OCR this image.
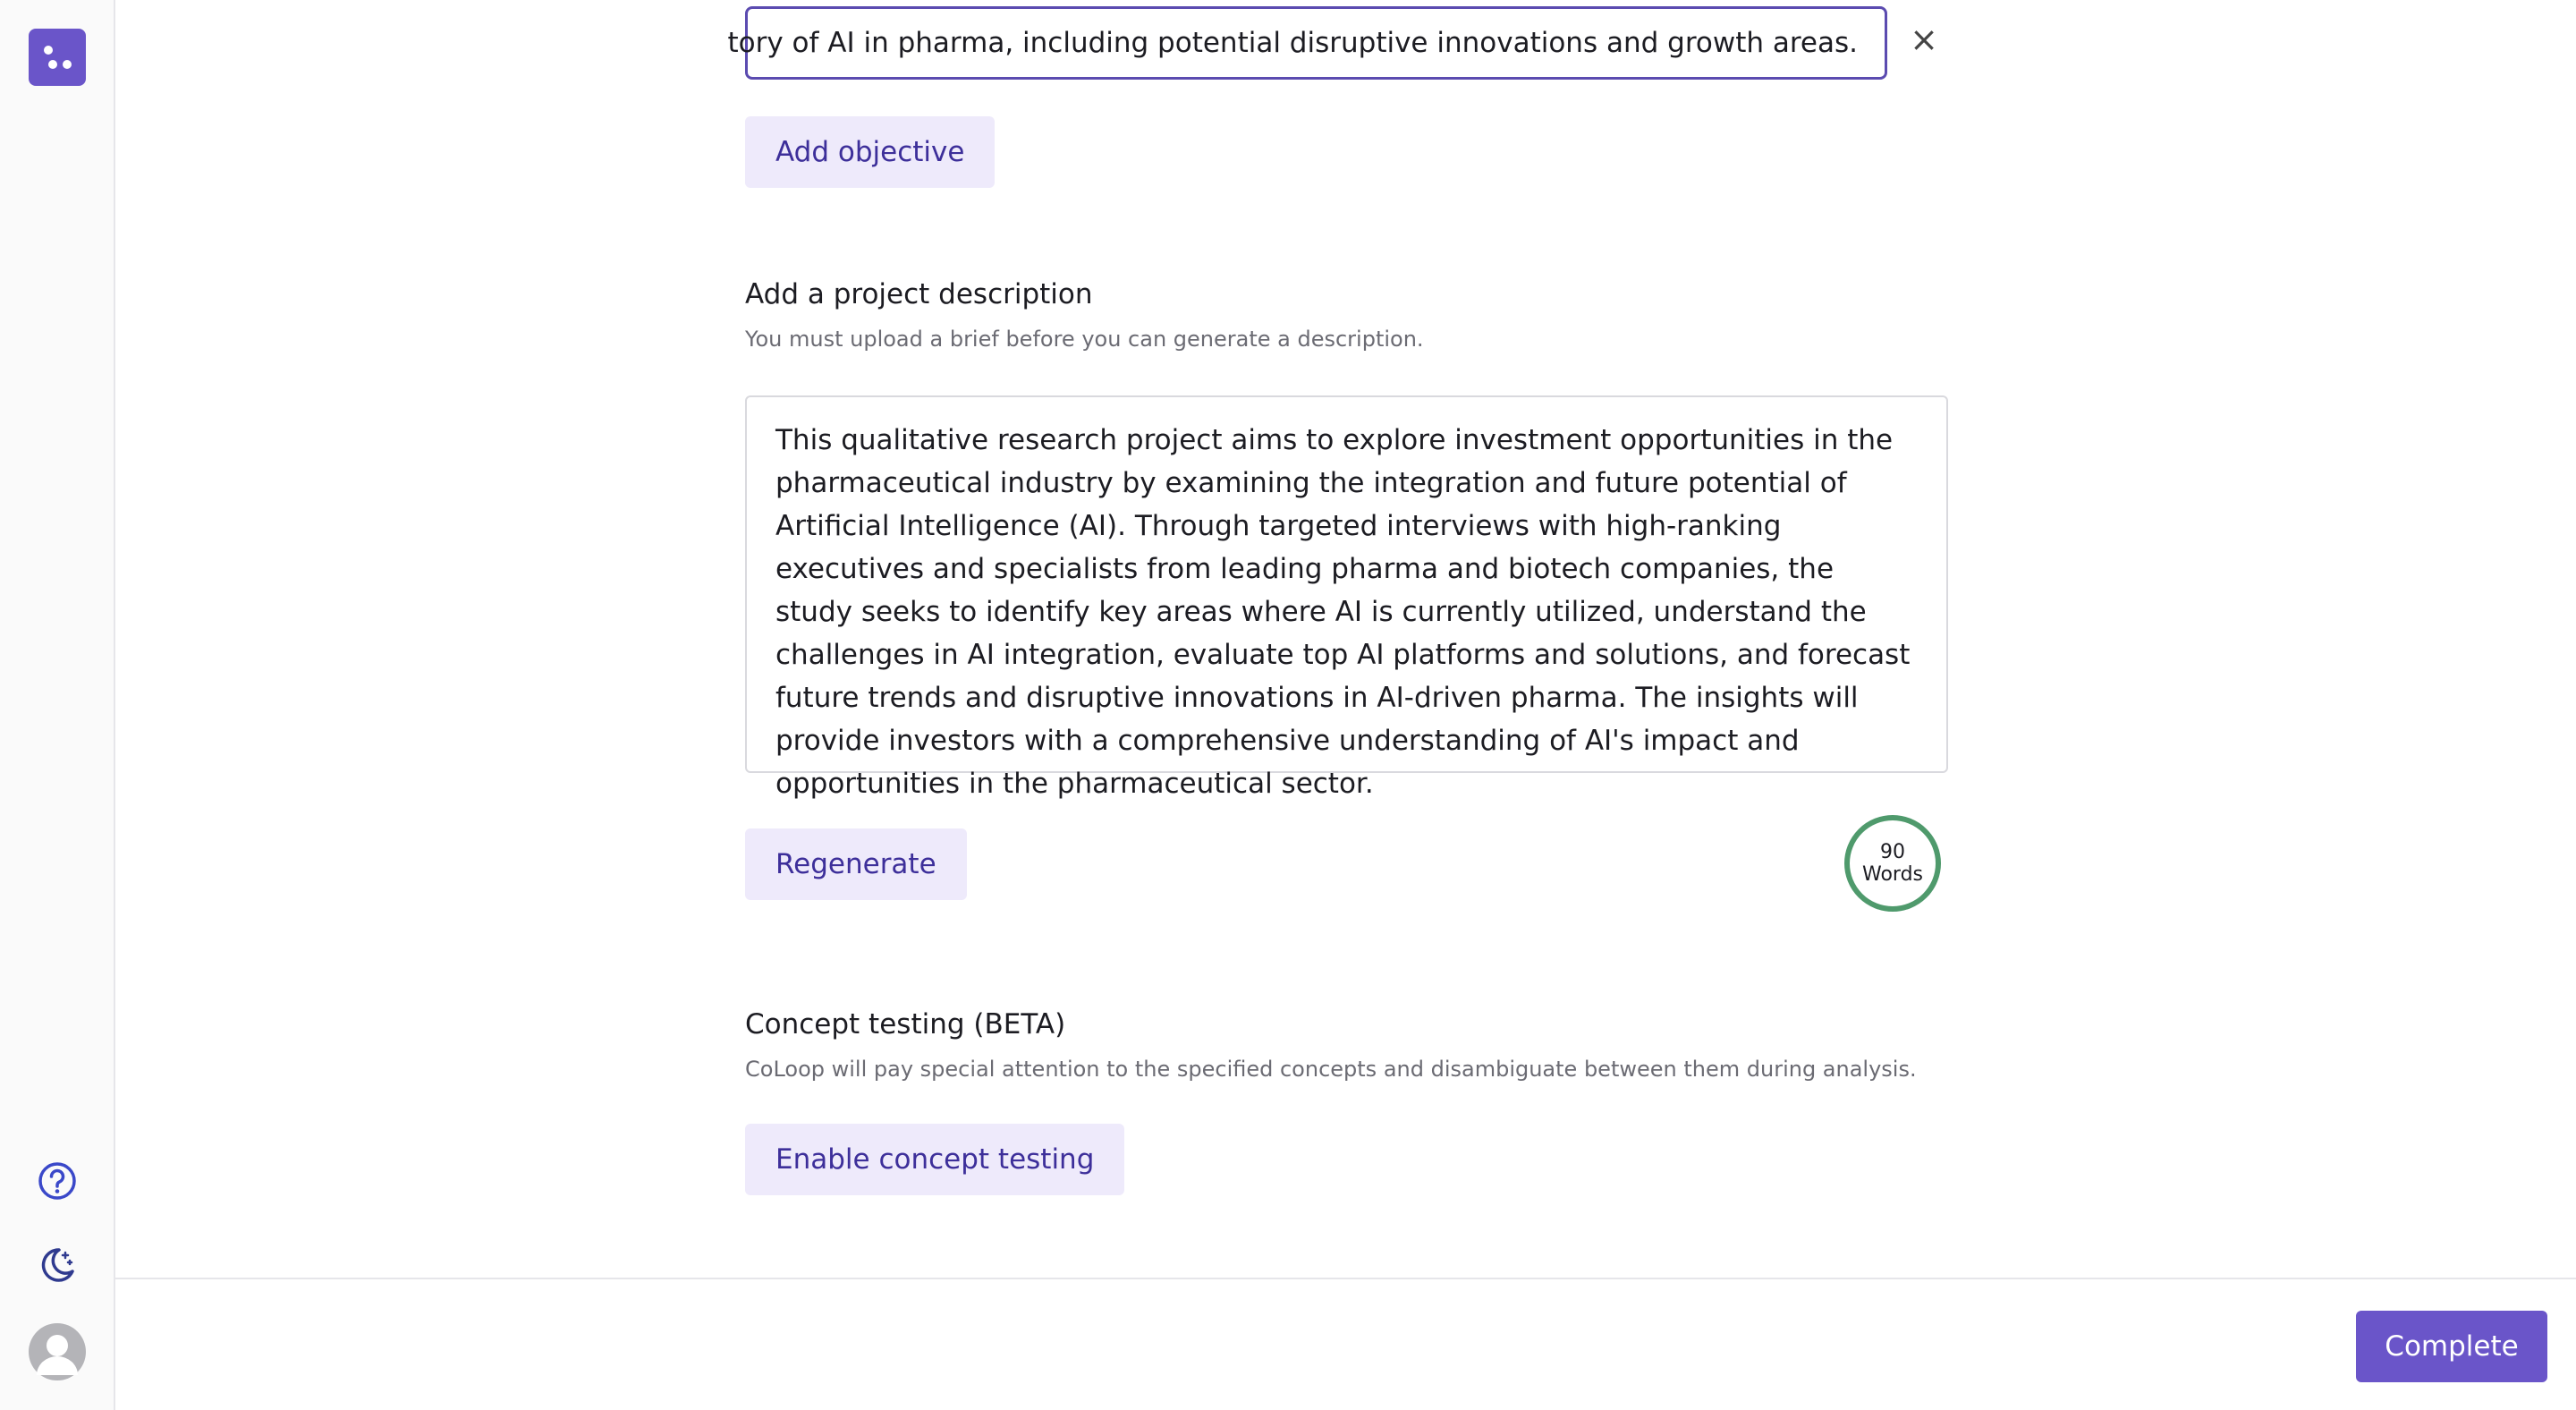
tory of AI in pharma, including potential disruptive innovations and growth areas.	×
Add objective
Add a project description
You must upload a brief before you can generate a description.
This qualitative research project aims to explore investment opportunities in the pharmaceutical industry by examining the integration and future potential of Artificial Intelligence (AI). Through targeted interviews with high-ranking executives and specialists from leading pharma and biotech companies, the study seeks to identify key areas where AI is currently utilized, understand the challenges in AI integration, evaluate top AI platforms and solutions, and forecast future trends and disruptive innovations in AI-driven pharma. The insights will provide investors with a comprehensive understanding of AI's impact and opportunities in the pharmaceutical sector.
Regenerate	90
Words
Concept testing (BETA)
CoLoop will pay special attention to the specified concepts and disambiguate between them during analysis.
Enable concept testing
Complete
